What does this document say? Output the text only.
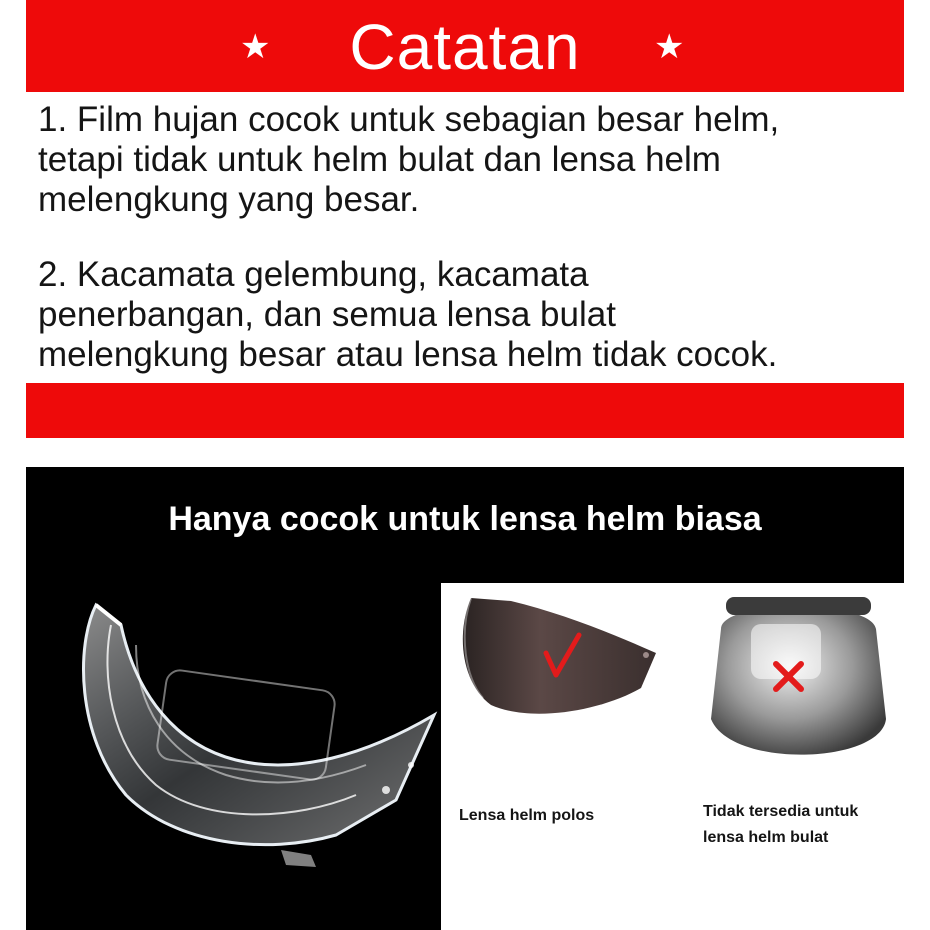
★	Catatan	★

1. Film hujan cocok untuk sebagian besar helm,
tetapi tidak untuk helm bulat dan lensa helm
melengkung yang besar.

2. Kacamata gelembung, kacamata
penerbangan, dan semua lensa bulat
melengkung besar atau lensa helm tidak cocok.

Hanya cocok untuk lensa helm biasa
Lensa helm polos	Tidak tersedia untuk
lensa helm bulat
